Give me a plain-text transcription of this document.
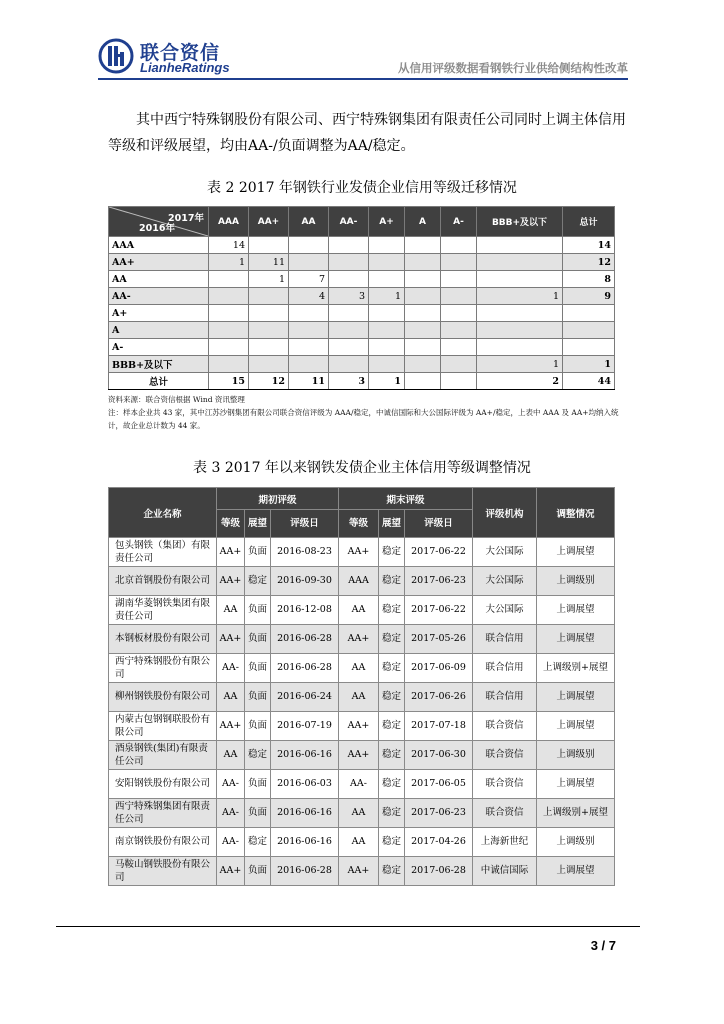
联合资信
LianheRatings	从信用评级数据看钢铁行业供给侧结构性改革

其中西宁特殊钢股份有限公司、西宁特殊钢集团有限责任公司同时上调主体信用等级和评级展望，均由AA-/负面调整为AA/稳定。

表 2 2017 年钢铁行业发债企业信用等级迁移情况
2017年
2016年	AAA	AA+	AA	AA-	A+	A	A-	BBB+及以下	总计
AAA	14								14
AA+	1	11							12
AA		1	7						8
AA-			4	3	1			1	9
A+									
A									
A-									
BBB+及以下								1	1
总计	15	12	11	3	1			2	44
资料来源：联合资信根据 Wind 资讯整理
注：样本企业共 43 家，其中江苏沙钢集团有限公司联合资信评级为 AAA/稳定，中诚信国际和大公国际评级为 AA+/稳定，上表中 AAA 及 AA+均纳入统计，故企业总计数为 44 家。
表 3 2017 年以来钢铁发债企业主体信用等级调整情况
企业名称	期初评级			期末评级			评级机构	调整情况
	等级	展望	评级日	等级	展望	评级日		
包头钢铁（集团）有限责任公司	AA+	负面	2016-08-23	AA+	稳定	2017-06-22	大公国际	上调展望
北京首钢股份有限公司	AA+	稳定	2016-09-30	AAA	稳定	2017-06-23	大公国际	上调级别
湖南华菱钢铁集团有限责任公司	AA	负面	2016-12-08	AA	稳定	2017-06-22	大公国际	上调展望
本钢板材股份有限公司	AA+	负面	2016-06-28	AA+	稳定	2017-05-26	联合信用	上调展望
西宁特殊钢股份有限公司	AA-	负面	2016-06-28	AA	稳定	2017-06-09	联合信用	上调级别+展望
柳州钢铁股份有限公司	AA	负面	2016-06-24	AA	稳定	2017-06-26	联合信用	上调展望
内蒙古包钢钢联股份有限公司	AA+	负面	2016-07-19	AA+	稳定	2017-07-18	联合资信	上调展望
酒泉钢铁(集团)有限责任公司	AA	稳定	2016-06-16	AA+	稳定	2017-06-30	联合资信	上调级别
安阳钢铁股份有限公司	AA-	负面	2016-06-03	AA-	稳定	2017-06-05	联合资信	上调展望
西宁特殊钢集团有限责任公司	AA-	负面	2016-06-16	AA	稳定	2017-06-23	联合资信	上调级别+展望
南京钢铁股份有限公司	AA-	稳定	2016-06-16	AA	稳定	2017-04-26	上海新世纪	上调级别
马鞍山钢铁股份有限公司	AA+	负面	2016-06-28	AA+	稳定	2017-06-28	中诚信国际	上调展望
3 / 7
